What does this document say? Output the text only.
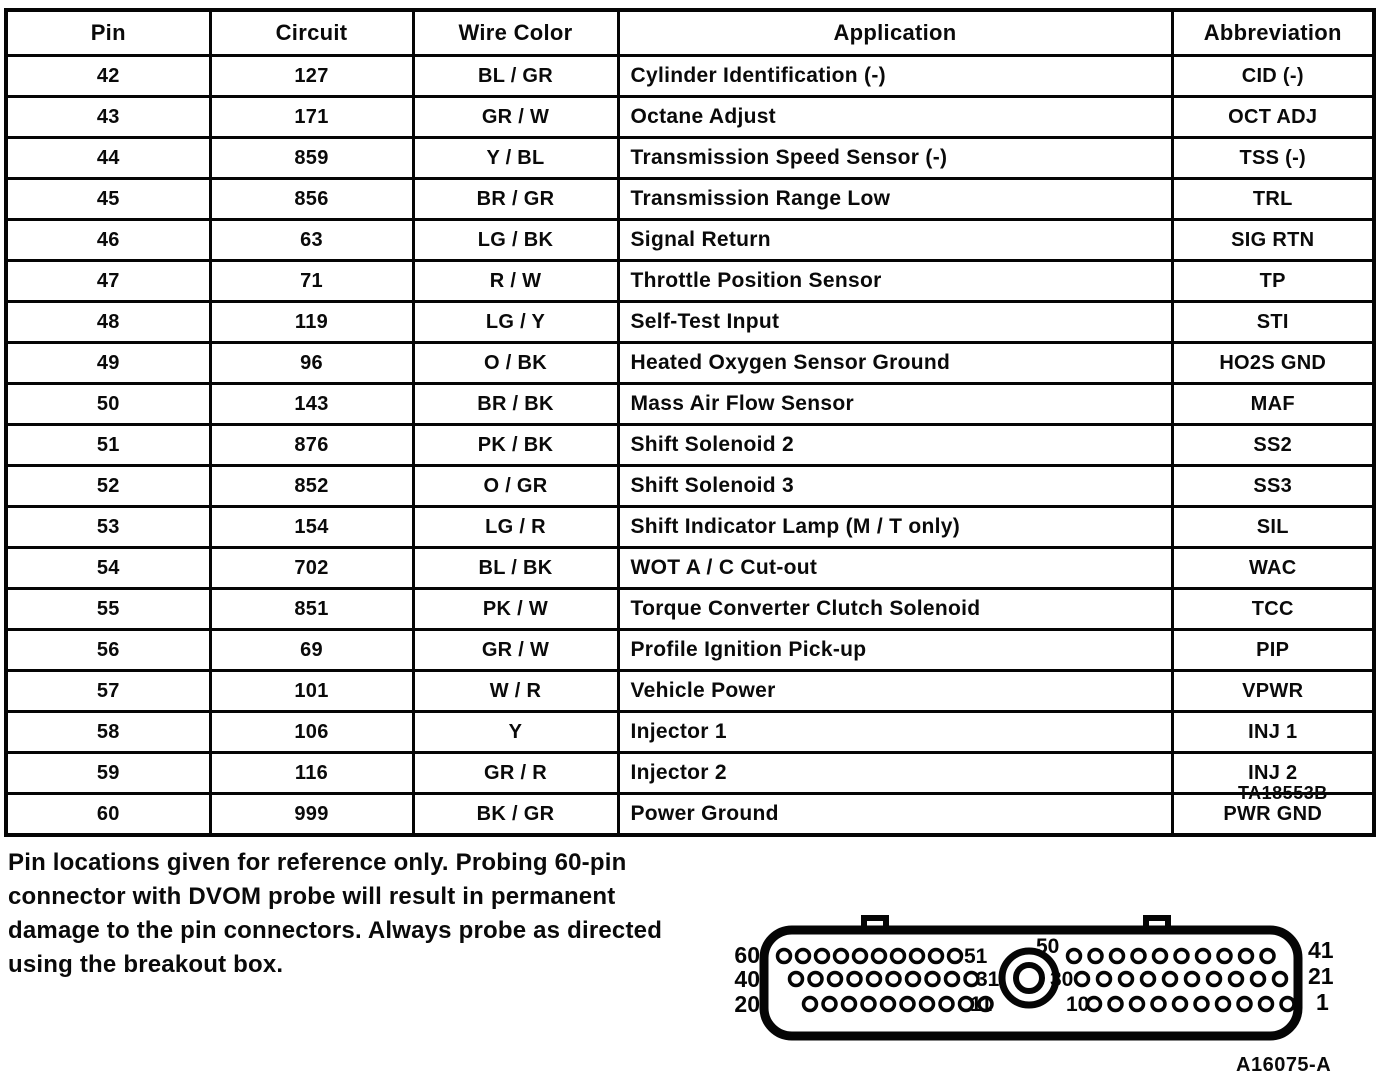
Pin	Circuit	Wire Color	Application	Abbreviation
42	127	BL / GR	Cylinder Identification (-)	CID (-)
43	171	GR / W	Octane Adjust	OCT ADJ
44	859	Y / BL	Transmission Speed Sensor (-)	TSS (-)
45	856	BR / GR	Transmission Range Low	TRL
46	63	LG / BK	Signal Return	SIG RTN
47	71	R / W	Throttle Position Sensor	TP
48	119	LG / Y	Self-Test Input	STI
49	96	O / BK	Heated Oxygen Sensor Ground	HO2S GND
50	143	BR / BK	Mass Air Flow Sensor	MAF
51	876	PK / BK	Shift Solenoid 2	SS2
52	852	O / GR	Shift Solenoid 3	SS3
53	154	LG / R	Shift Indicator Lamp (M / T only)	SIL
54	702	BL / BK	WOT A / C Cut-out	WAC
55	851	PK / W	Torque Converter Clutch Solenoid	TCC
56	69	GR / W	Profile Ignition Pick-up	PIP
57	101	W / R	Vehicle Power	VPWR
58	106	Y	Injector 1	INJ 1
59	116	GR / R	Injector 2	INJ 2
60	999	BK / GR	Power Ground	PWR GND
TA18553B
Pin locations given for reference only. Probing 60-pin connector with DVOM probe will result in permanent damage to the pin connectors. Always probe as directed using the breakout box.	60
40
20
41
21
1
51 50
31 30
11	10
A16075-A
